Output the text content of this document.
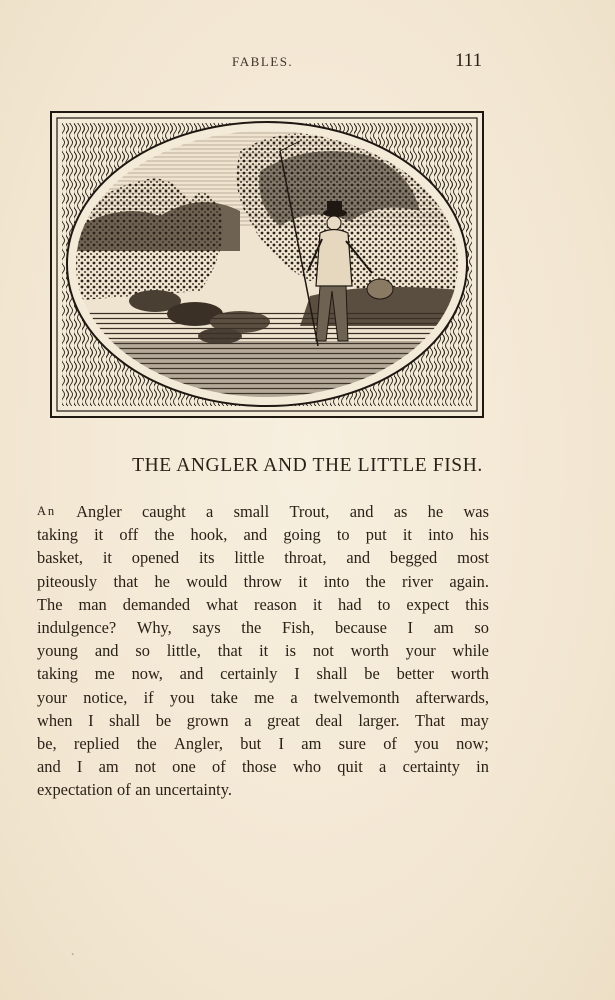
FABLES.	111
THE ANGLER AND THE LITTLE FISH.
An Angler caught a small Trout, and as he was
taking it off the hook, and going to put it into his
basket, it opened its little throat, and begged most
piteously that he would throw it into the river again.
The man demanded what reason it had to expect this
indulgence? Why, says the Fish, because I am so
young and so little, that it is not worth your while
taking me now, and certainly I shall be better worth
your notice, if you take me a twelvemonth afterwards,
when I shall be grown a great deal larger. That may
be, replied the Angler, but I am sure of you now;
and I am not one of those who quit a certainty in
expectation of an uncertainty.
`
